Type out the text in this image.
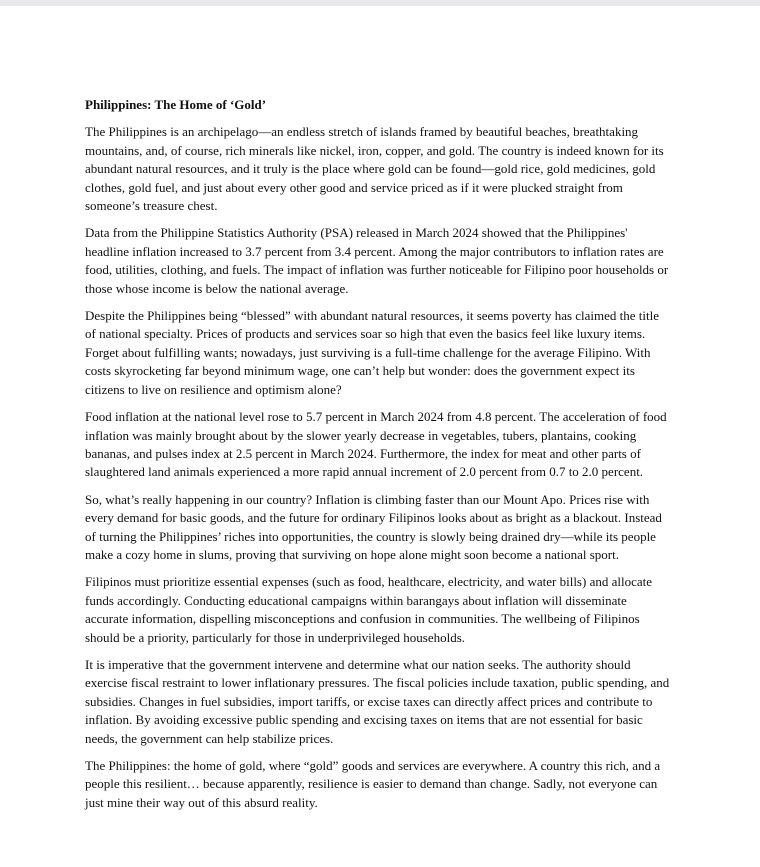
Philippines: The Home of ‘Gold’

The Philippines is an archipelago—an endless stretch of islands framed by beautiful beaches, breathtaking mountains, and, of course, rich minerals like nickel, iron, copper, and gold. The country is indeed known for its abundant natural resources, and it truly is the place where gold can be found—gold rice, gold medicines, gold clothes, gold fuel, and just about every other good and service priced as if it were plucked straight from someone’s treasure chest.

Data from the Philippine Statistics Authority (PSA) released in March 2024 showed that the Philippines' headline inflation increased to 3.7 percent from 3.4 percent. Among the major contributors to inflation rates are food, utilities, clothing, and fuels. The impact of inflation was further noticeable for Filipino poor households or those whose income is below the national average.

Despite the Philippines being “blessed” with abundant natural resources, it seems poverty has claimed the title of national specialty. Prices of products and services soar so high that even the basics feel like luxury items. Forget about fulfilling wants; nowadays, just surviving is a full-time challenge for the average Filipino. With costs skyrocketing far beyond minimum wage, one can’t help but wonder: does the government expect its citizens to live on resilience and optimism alone?

Food inflation at the national level rose to 5.7 percent in March 2024 from 4.8 percent. The acceleration of food inflation was mainly brought about by the slower yearly decrease in vegetables, tubers, plantains, cooking bananas, and pulses index at 2.5 percent in March 2024. Furthermore, the index for meat and other parts of slaughtered land animals experienced a more rapid annual increment of 2.0 percent from 0.7 to 2.0 percent.

So, what’s really happening in our country? Inflation is climbing faster than our Mount Apo. Prices rise with every demand for basic goods, and the future for ordinary Filipinos looks about as bright as a blackout. Instead of turning the Philippines’ riches into opportunities, the country is slowly being drained dry—while its people make a cozy home in slums, proving that surviving on hope alone might soon become a national sport.

Filipinos must prioritize essential expenses (such as food, healthcare, electricity, and water bills) and allocate funds accordingly. Conducting educational campaigns within barangays about inflation will disseminate accurate information, dispelling misconceptions and confusion in communities. The wellbeing of Filipinos should be a priority, particularly for those in underprivileged households.

It is imperative that the government intervene and determine what our nation seeks. The authority should exercise fiscal restraint to lower inflationary pressures. The fiscal policies include taxation, public spending, and subsidies. Changes in fuel subsidies, import tariffs, or excise taxes can directly affect prices and contribute to inflation. By avoiding excessive public spending and excising taxes on items that are not essential for basic needs, the government can help stabilize prices.

The Philippines: the home of gold, where “gold” goods and services are everywhere. A country this rich, and a people this resilient… because apparently, resilience is easier to demand than change. Sadly, not everyone can just mine their way out of this absurd reality.
